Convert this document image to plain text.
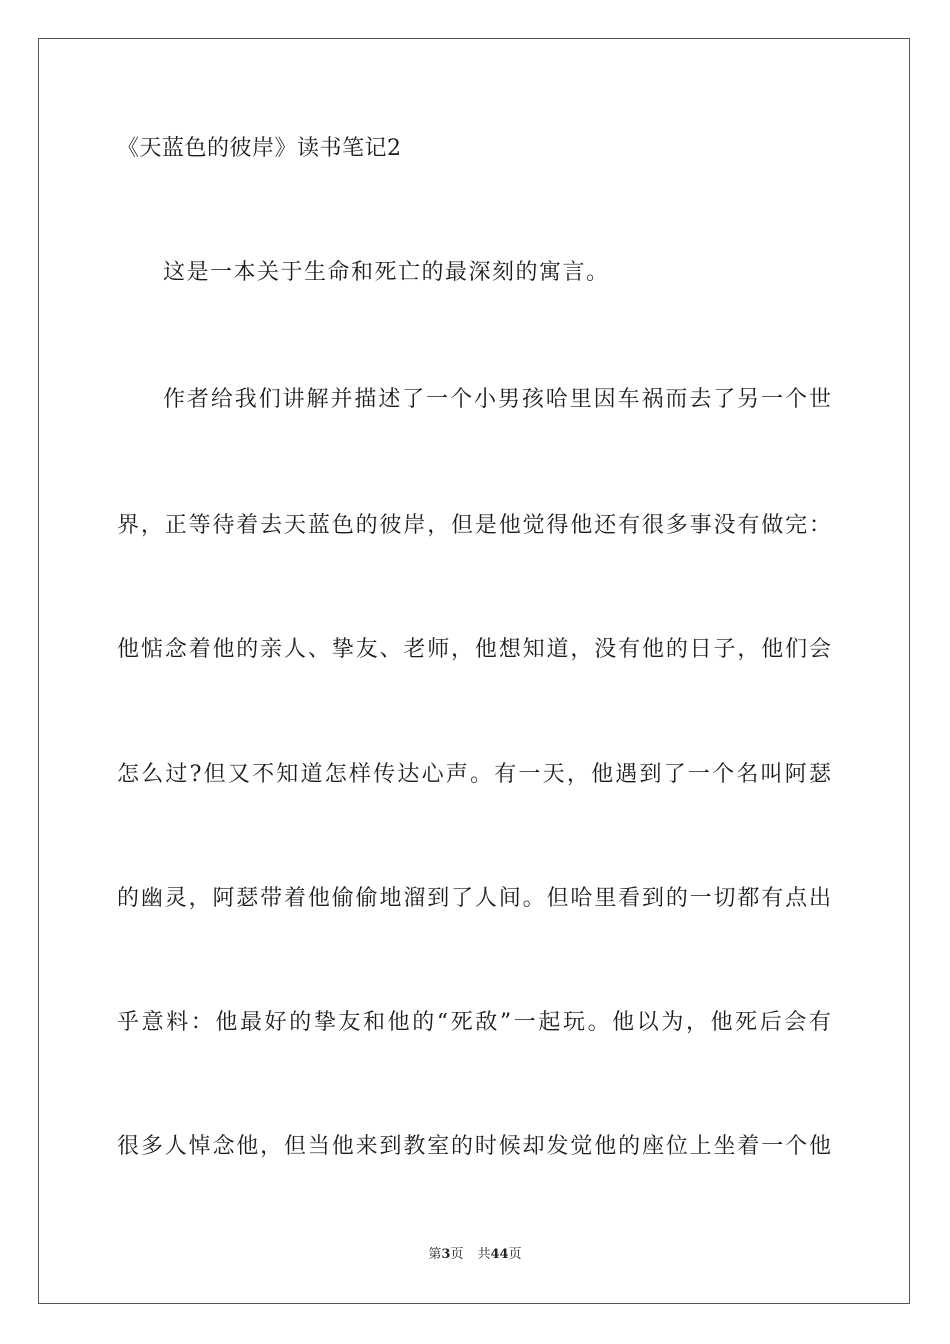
《天蓝色的彼岸》读书笔记2
这是一本关于生命和死亡的最深刻的寓言。
作者给我们讲解并描述了一个小男孩哈里因车祸而去了另一个世
界，正等待着去天蓝色的彼岸，但是他觉得他还有很多事没有做完：
他惦念着他的亲人、挚友、老师，他想知道，没有他的日子，他们会
怎么过?但又不知道怎样传达心声。有一天，他遇到了一个名叫阿瑟
的幽灵，阿瑟带着他偷偷地溜到了人间。但哈里看到的一切都有点出
乎意料：他最好的挚友和他的“死敌”一起玩。他以为，他死后会有
很多人悼念他，但当他来到教室的时候却发觉他的座位上坐着一个他
第3页 共44页
